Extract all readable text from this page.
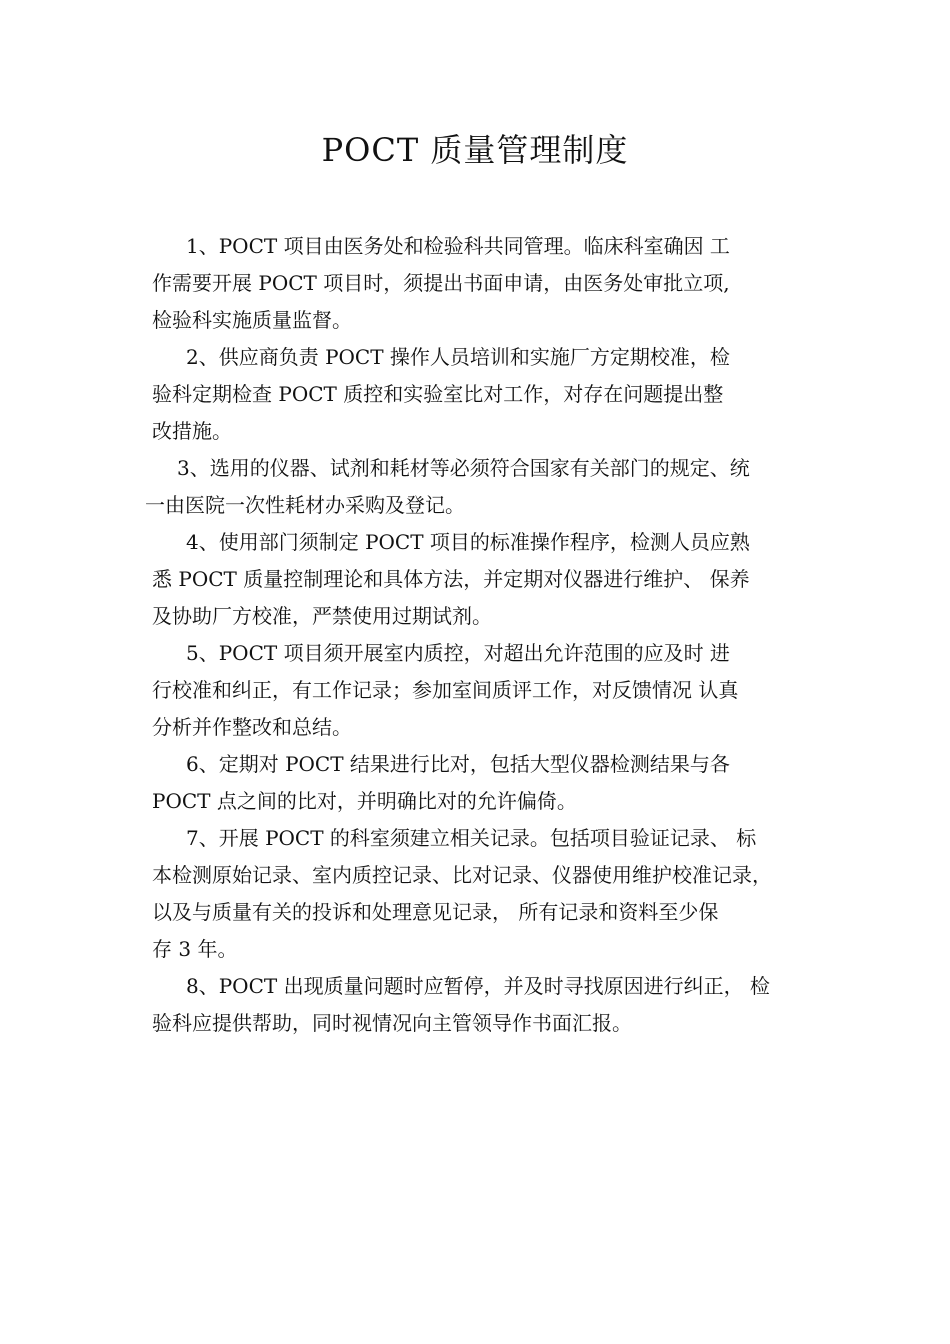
POCT 质量管理制度

1、POCT 项目由医务处和检验科共同管理。临床科室确因 工
作需要开展 POCT 项目时，须提出书面申请，由医务处审批立项,
检验科实施质量监督。

2、供应商负责 POCT 操作人员培训和实施厂方定期校准，检
验科定期检查 POCT 质控和实验室比对工作，对存在问题提出整
改措施。

3、选用的仪器、试剂和耗材等必须符合国家有关部门的规定、统
一由医院一次性耗材办采购及登记。

4、使用部门须制定 POCT 项目的标准操作程序，检测人员应熟
悉 POCT 质量控制理论和具体方法，并定期对仪器进行维护、 保养
及协助厂方校准，严禁使用过期试剂。

5、POCT 项目须开展室内质控，对超出允许范围的应及时 进
行校准和纠正，有工作记录；参加室间质评工作，对反馈情况 认真
分析并作整改和总结。

6、定期对 POCT 结果进行比对，包括大型仪器检测结果与各
POCT 点之间的比对，并明确比对的允许偏倚。

7、开展 POCT 的科室须建立相关记录。包括项目验证记录、 标
本检测原始记录、室内质控记录、比对记录、仪器使用维护校准记录，
以及与质量有关的投诉和处理意见记录， 所有记录和资料至少保
存 3 年。

8、POCT 出现质量问题时应暂停，并及时寻找原因进行纠正， 检
验科应提供帮助，同时视情况向主管领导作书面汇报。
